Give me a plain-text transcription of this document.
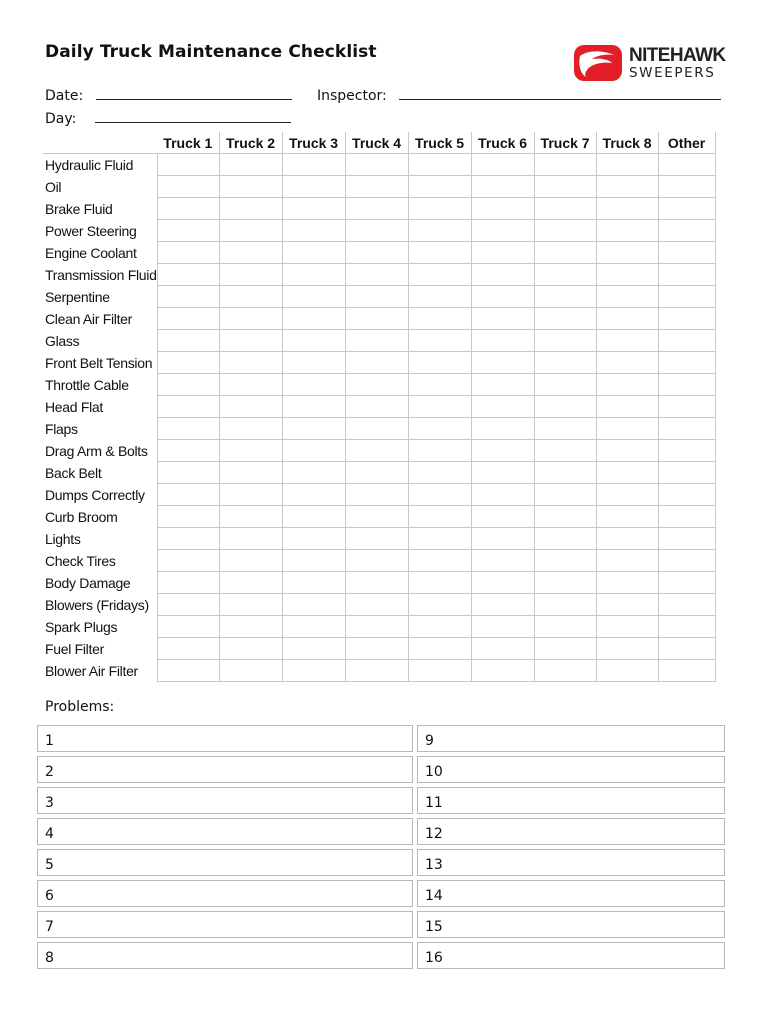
Daily Truck Maintenance Checklist	NITEHAWK
SWEEPERS
Date:
Day:
Inspector:
	Truck 1	Truck 2	Truck 3	Truck 4	Truck 5	Truck 6	Truck 7	Truck 8	Other
Hydraulic Fluid									
Oil									
Brake Fluid									
Power Steering									
Engine Coolant									
Transmission Fluid									
Serpentine									
Clean Air Filter									
Glass									
Front Belt Tension									
Throttle Cable									
Head Flat									
Flaps									
Drag Arm & Bolts									
Back Belt									
Dumps Correctly									
Curb Broom									
Lights									
Check Tires									
Body Damage									
Blowers (Fridays)									
Spark Plugs									
Fuel Filter									
Blower Air Filter									
Problems:
1
2
3
4
5
6
7
8
9
10
11
12
13
14
15
16
